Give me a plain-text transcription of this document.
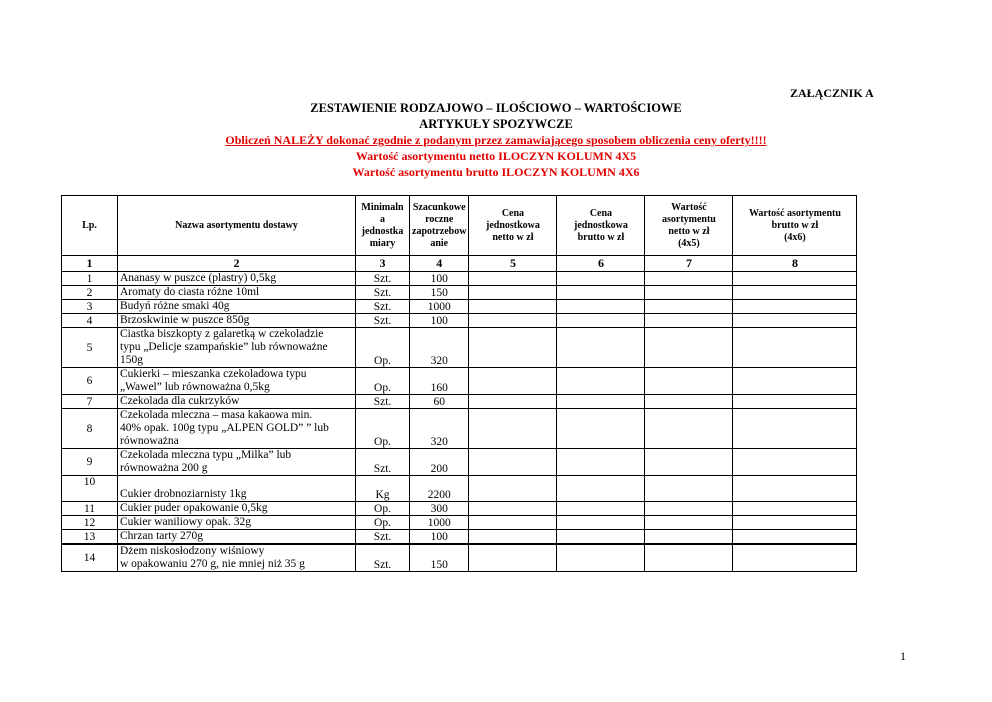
ZAŁĄCZNIK A
ZESTAWIENIE RODZAJOWO – ILOŚCIOWO – WARTOŚCIOWE
ARTYKUŁY SPOZYWCZE
Obliczeń NALEŻY dokonać zgodnie z podanym przez zamawiającego sposobem obliczenia ceny oferty!!!!
Wartość asortymentu netto ILOCZYN KOLUMN 4X5
Wartość asortymentu brutto ILOCZYN KOLUMN 4X6
Lp.	Nazwa asortymentu dostawy	Minimaln
a
jednostka
miary	Szacunkowe
roczne
zapotrzebow
anie	Cena
jednostkowa
netto w zł	Cena
jednostkowa
brutto w zł	Wartość
asortymentu
netto w zł
(4x5)	Wartość asortymentu
brutto w zł
(4x6)
1	2	3	4	5	6	7	8
1	Ananasy w puszce (plastry) 0,5kg	Szt.	100				
2	Aromaty do ciasta różne 10ml	Szt.	150				
3	Budyń różne smaki 40g	Szt.	1000				
4	Brzoskwinie w puszce 850g	Szt.	100				
5	Ciastka biszkopty z galaretką w czekoladzie
typu „Delicje szampańskie” lub równoważne
150g	Op.	320				
6	Cukierki – mieszanka czekoladowa typu
„Wawel” lub równoważna 0,5kg	Op.	160				
7	Czekolada dla cukrzyków	Szt.	60				
8	Czekolada mleczna – masa kakaowa min.
40% opak. 100g typu „ALPEN GOLD” ” lub
równoważna	Op.	320				
9	Czekolada mleczna typu „Milka” lub
równoważna 200 g	Szt.	200				
10	Cukier drobnoziarnisty 1kg	Kg	2200				
11	Cukier puder opakowanie 0,5kg	Op.	300				
12	Cukier waniliowy opak. 32g	Op.	1000				
13	Chrzan tarty 270g	Szt.	100				
14	Dżem niskosłodzony wiśniowy
w opakowaniu 270 g, nie mniej niż 35 g	Szt.	150				
1
